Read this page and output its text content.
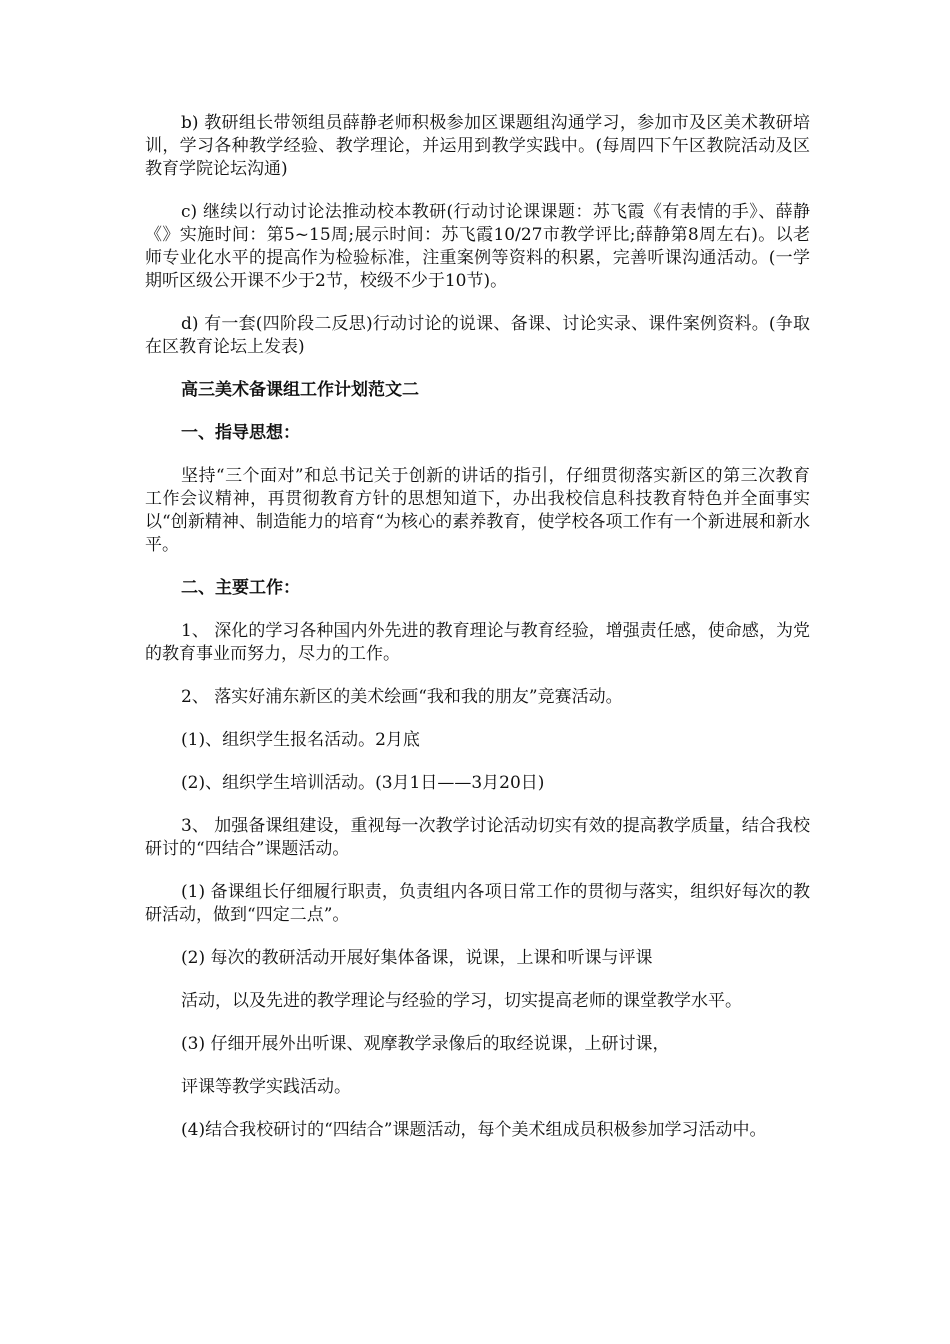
b) 教研组长带领组员薛静老师积极参加区课题组沟通学习，参加市及区美术教研培训，学习各种教学经验、教学理论，并运用到教学实践中。(每周四下午区教院活动及区教育学院论坛沟通)

c) 继续以行动讨论法推动校本教研(行动讨论课课题：苏飞霞《有表情的手》、薛静《》实施时间：第5~15周;展示时间：苏飞霞10/27市教学评比;薛静第8周左右)。以老师专业化水平的提高作为检验标准，注重案例等资料的积累，完善听课沟通活动。(一学期听区级公开课不少于2节，校级不少于10节)。

d) 有一套(四阶段二反思)行动讨论的说课、备课、讨论实录、课件案例资料。(争取在区教育论坛上发表)

高三美术备课组工作计划范文二

一、指导思想：

坚持“三个面对”和总书记关于创新的讲话的指引，仔细贯彻落实新区的第三次教育工作会议精神，再贯彻教育方针的思想知道下，办出我校信息科技教育特色并全面事实以“创新精神、制造能力的培育“为核心的素养教育，使学校各项工作有一个新进展和新水平。

二、主要工作：

1、 深化的学习各种国内外先进的教育理论与教育经验，增强责任感，使命感，为党的教育事业而努力，尽力的工作。

2、 落实好浦东新区的美术绘画“我和我的朋友”竞赛活动。

(1)、组织学生报名活动。2月底

(2)、组织学生培训活动。(3月1日——3月20日)

3、 加强备课组建设，重视每一次教学讨论活动切实有效的提高教学质量，结合我校研讨的“四结合”课题活动。

(1) 备课组长仔细履行职责，负责组内各项日常工作的贯彻与落实，组织好每次的教研活动，做到“四定二点”。

(2) 每次的教研活动开展好集体备课，说课，上课和听课与评课

活动，以及先进的教学理论与经验的学习，切实提高老师的课堂教学水平。

(3) 仔细开展外出听课、观摩教学录像后的取经说课，上研讨课，

评课等教学实践活动。

(4)结合我校研讨的“四结合”课题活动，每个美术组成员积极参加学习活动中。
